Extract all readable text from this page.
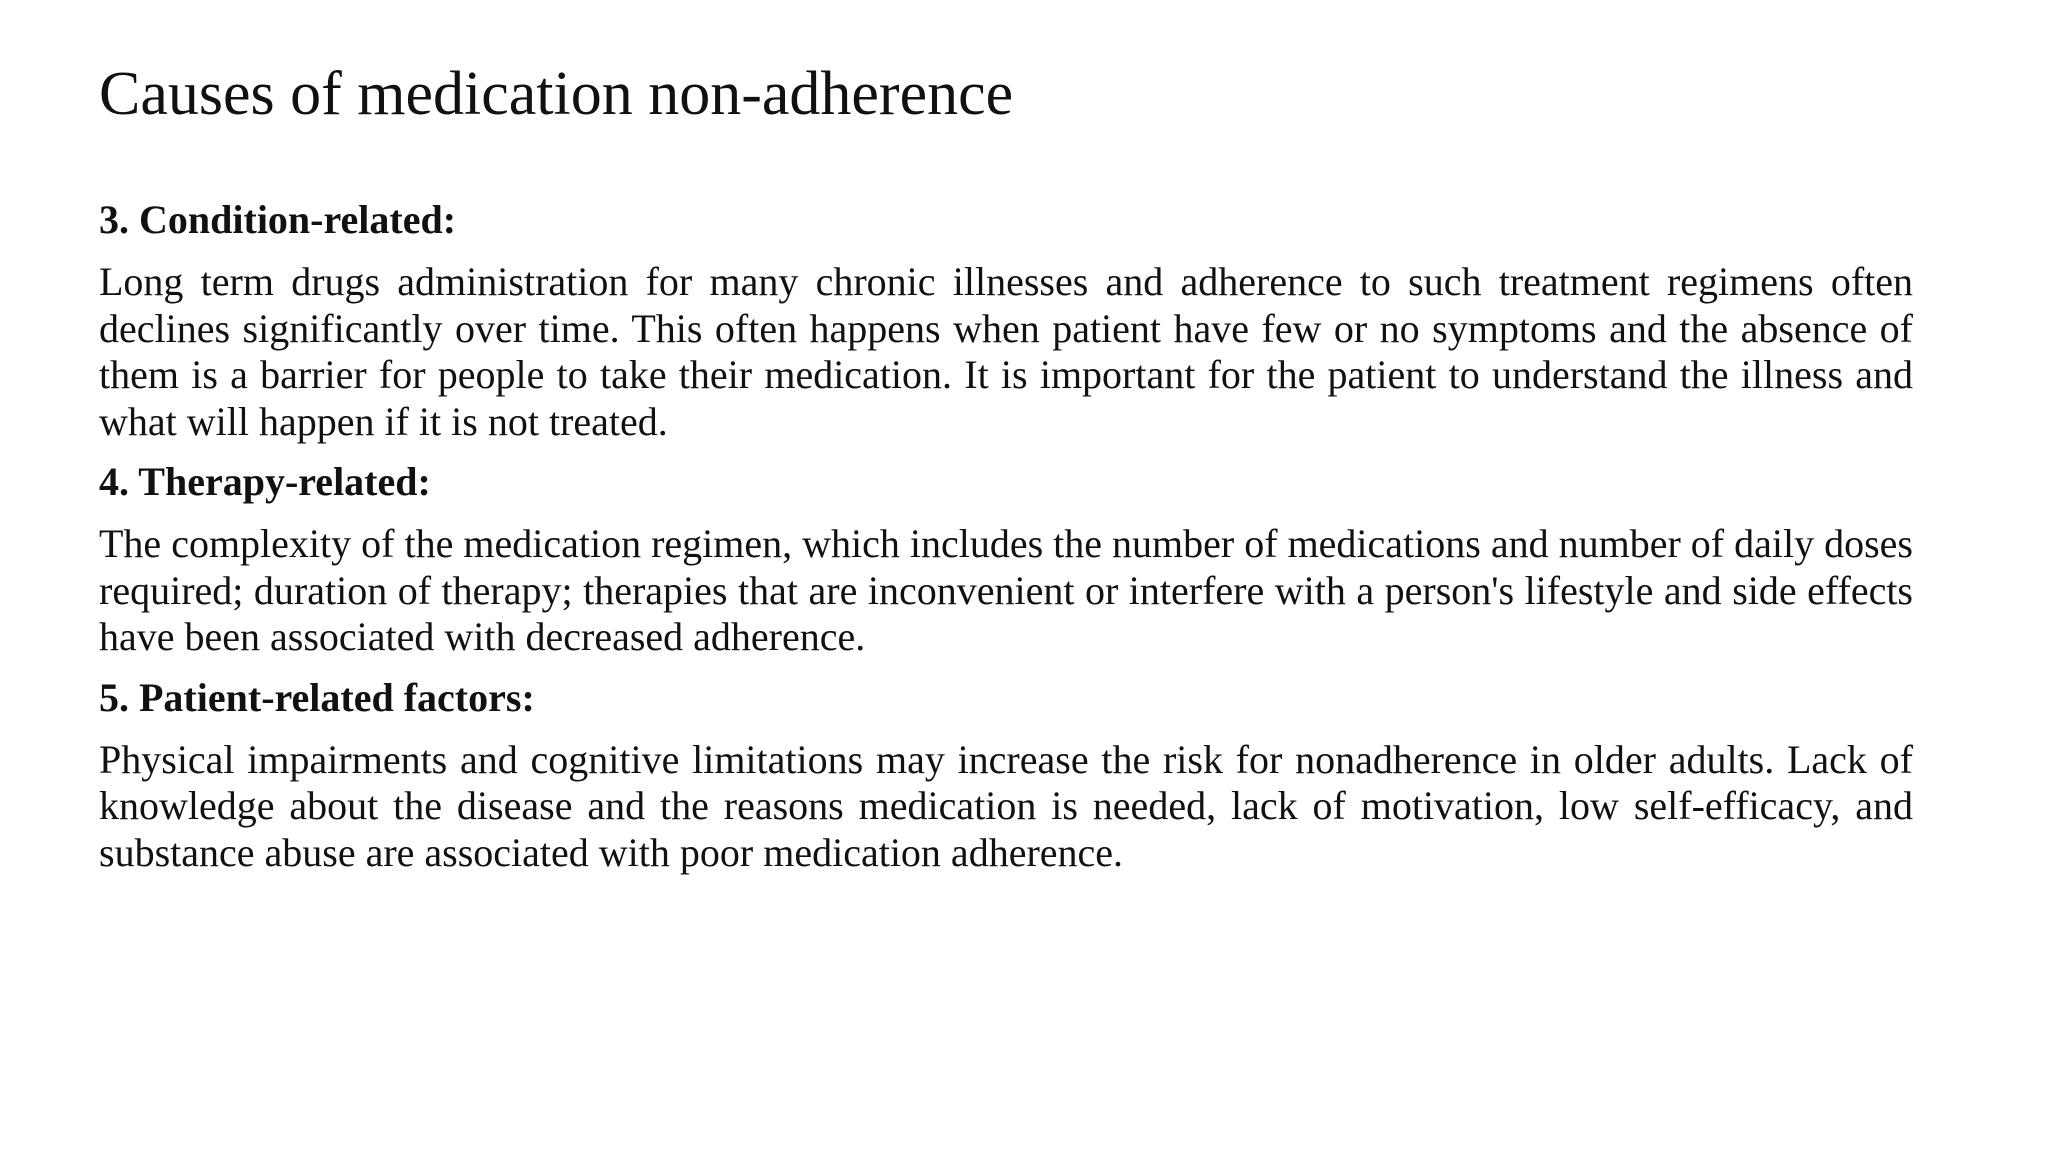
Causes of medication non-adherence
3. Condition-related:

Long term drugs administration for many chronic illnesses and adherence to such treatment regimens often declines significantly over time. This often happens when patient have few or no symptoms and the absence of them is a barrier for people to take their medication. It is important for the patient to understand the illness and what will happen if it is not treated.

4. Therapy-related:

The complexity of the medication regimen, which includes the number of medications and number of daily doses required; duration of therapy; therapies that are inconvenient or interfere with a person's lifestyle and side effects have been associated with decreased adherence.

5. Patient-related factors:

Physical impairments and cognitive limitations may increase the risk for nonadherence in older adults. Lack of knowledge about the disease and the reasons medication is needed, lack of motivation, low self-efficacy, and substance abuse are associated with poor medication adherence.
